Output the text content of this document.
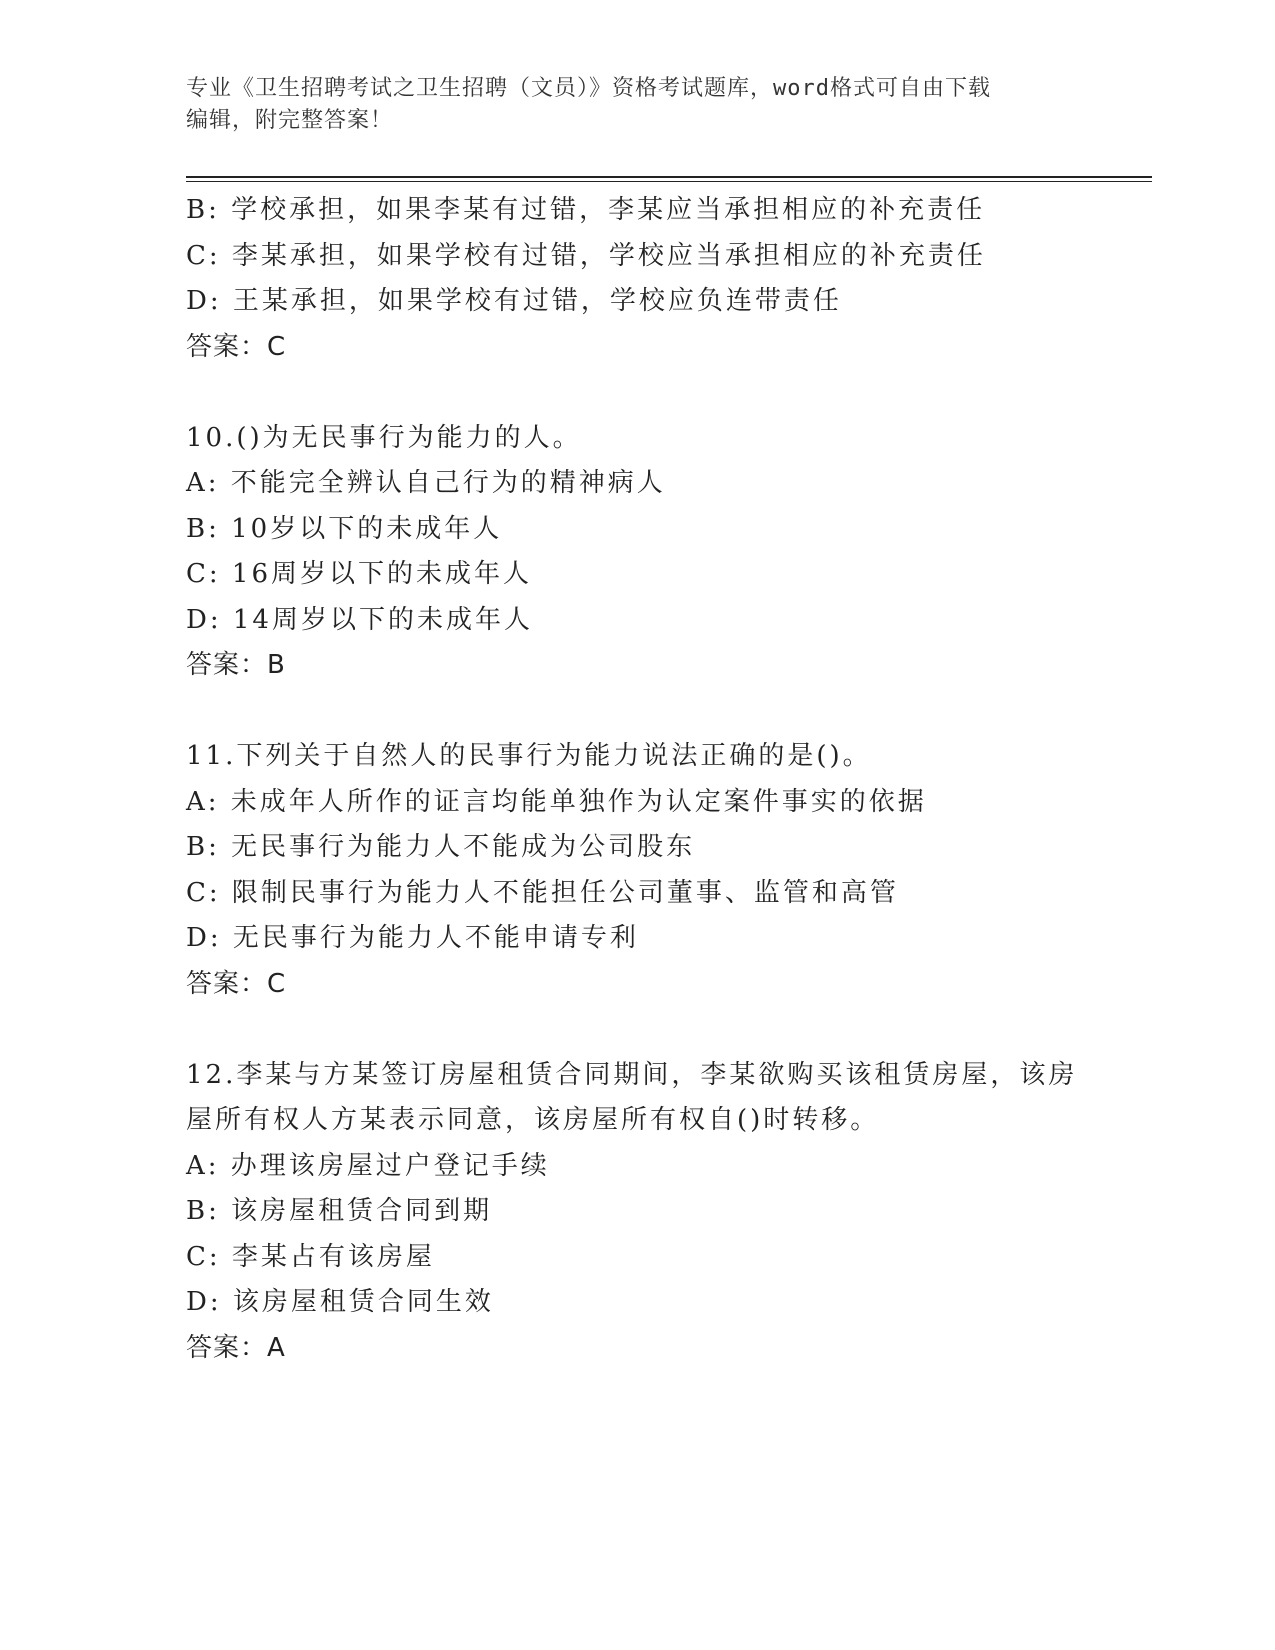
专业《卫生招聘考试之卫生招聘（文员）》资格考试题库，word格式可自由下载
编辑，附完整答案！
B: 学校承担，如果李某有过错，李某应当承担相应的补充责任
C: 李某承担，如果学校有过错，学校应当承担相应的补充责任
D: 王某承担，如果学校有过错，学校应负连带责任
答案：C
10.()为无民事行为能力的人。
A: 不能完全辨认自己行为的精神病人
B: 10岁以下的未成年人
C: 16周岁以下的未成年人
D: 14周岁以下的未成年人
答案：B
11.下列关于自然人的民事行为能力说法正确的是()。
A: 未成年人所作的证言均能单独作为认定案件事实的依据
B: 无民事行为能力人不能成为公司股东
C: 限制民事行为能力人不能担任公司董事、监管和高管
D: 无民事行为能力人不能申请专利
答案：C
12.李某与方某签订房屋租赁合同期间，李某欲购买该租赁房屋，该房
屋所有权人方某表示同意，该房屋所有权自()时转移。
A: 办理该房屋过户登记手续
B: 该房屋租赁合同到期
C: 李某占有该房屋
D: 该房屋租赁合同生效
答案：A
